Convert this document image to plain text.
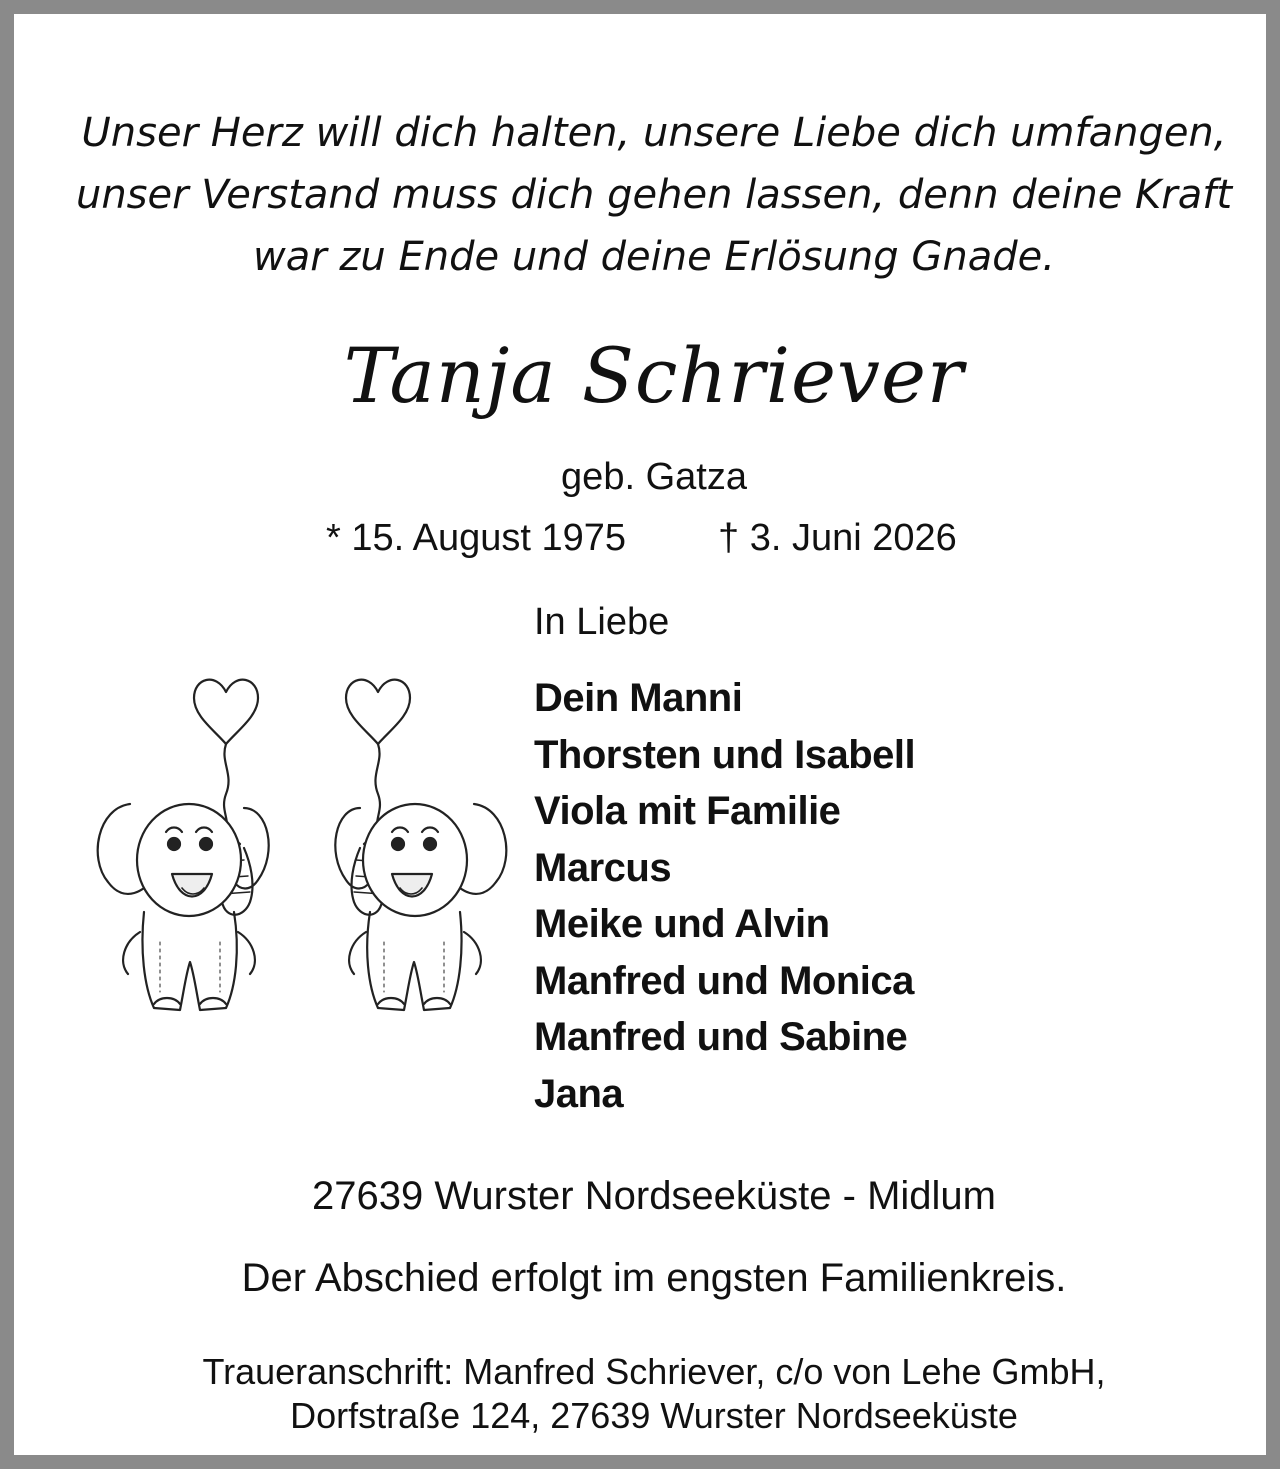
Unser Herz will dich halten, unsere Liebe dich umfangen,
unser Verstand muss dich gehen lassen, denn deine Kraft
war zu Ende und deine Erlösung Gnade.
Tanja Schriever
geb. Gatza
* 15. August 1975 † 3. Juni 2026
In Liebe
Dein Manni
Thorsten und Isabell
Viola mit Familie
Marcus
Meike und Alvin
Manfred und Monica
Manfred und Sabine
Jana
27639 Wurster Nordseeküste - Midlum
Der Abschied erfolgt im engsten Familienkreis.
Traueranschrift: Manfred Schriever, c/o von Lehe GmbH,
Dorfstraße 124, 27639 Wurster Nordseeküste
